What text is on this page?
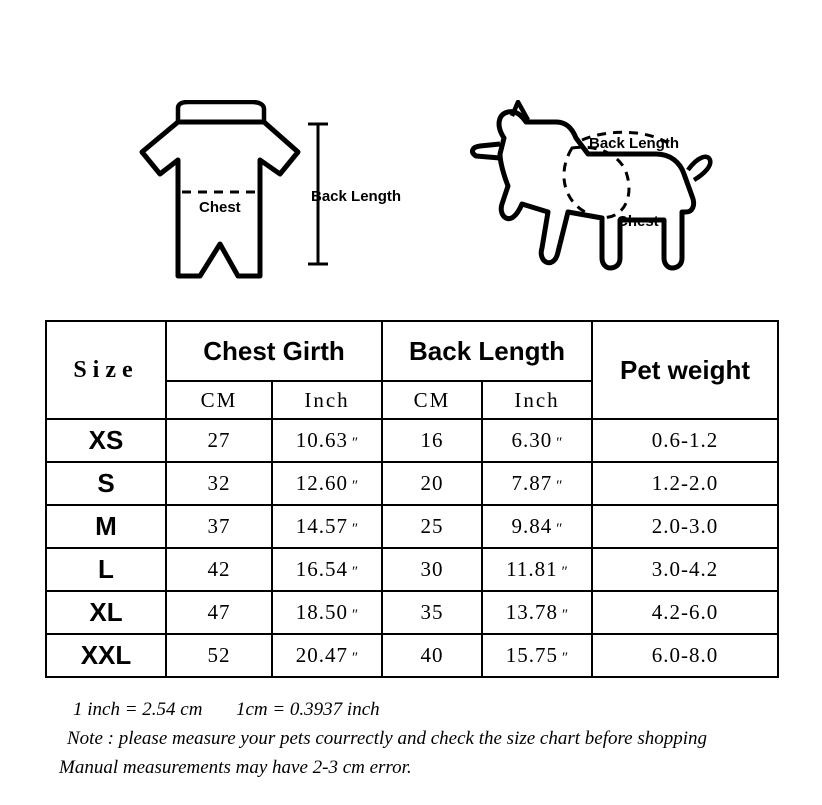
Chest
Back Length
Back Length
Chest
Size	Chest Girth		Back Length		Pet weight
	CM	Inch	CM	Inch	
XS	27	10.63 ″	16	6.30 ″	0.6-1.2
S	32	12.60 ″	20	7.87 ″	1.2-2.0
M	37	14.57 ″	25	9.84 ″	2.0-3.0
L	42	16.54 ″	30	11.81 ″	3.0-4.2
XL	47	18.50 ″	35	13.78 ″	4.2-6.0
XXL	52	20.47 ″	40	15.75 ″	6.0-8.0
1 inch = 2.54 cm 1cm = 0.3937 inch
Note : please measure your pets courrectly and check the size chart before shopping
Manual measurements may have 2-3 cm error.
